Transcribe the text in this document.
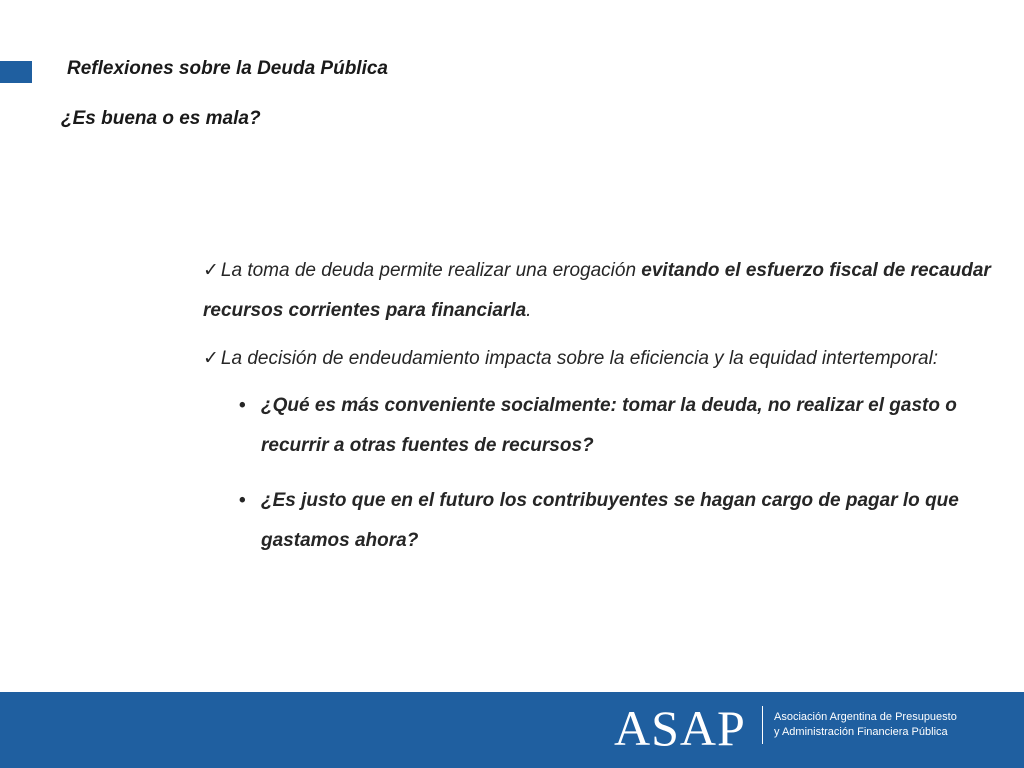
Reflexiones sobre la Deuda Pública
¿Es buena o es mala?

✓ La toma de deuda permite realizar una erogación evitando el esfuerzo fiscal de recaudar recursos corrientes para financiarla.

✓ La decisión de endeudamiento impacta sobre la eficiencia y la equidad intertemporal:

• ¿Qué es más conveniente socialmente: tomar la deuda, no realizar el gasto o recurrir a otras fuentes de recursos?
• ¿Es justo que en el futuro los contribuyentes se hagan cargo de pagar lo que gastamos ahora?
ASAP	Asociación Argentina de Presupuesto
y Administración Financiera Pública
